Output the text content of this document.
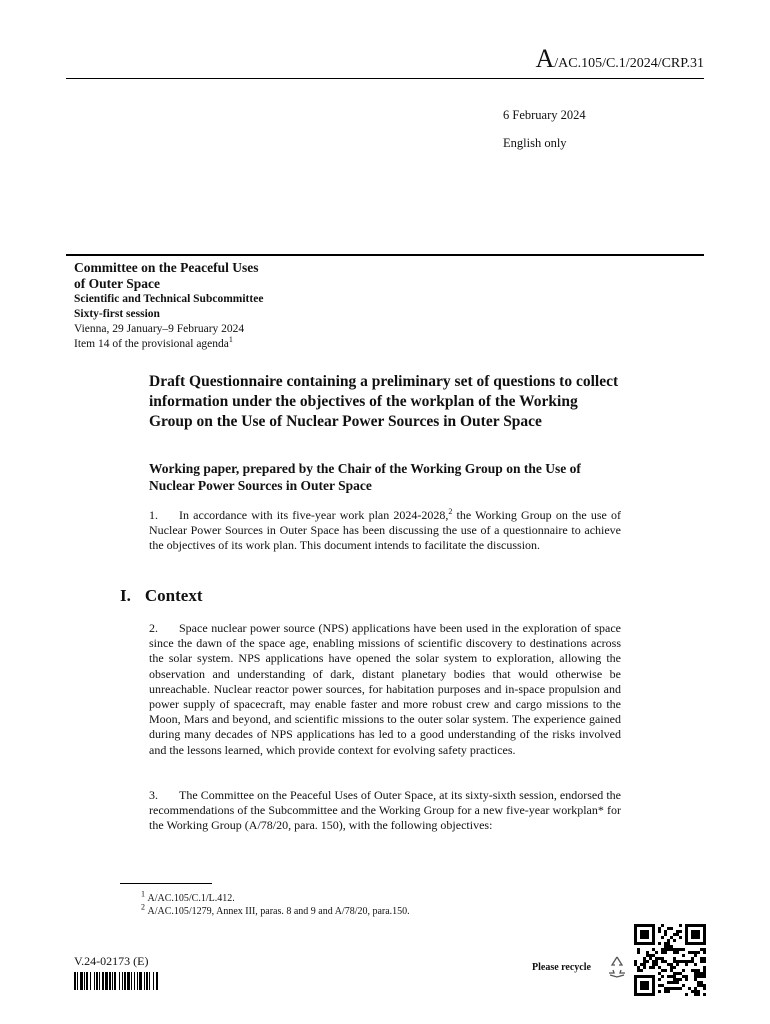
A/AC.105/C.1/2024/CRP.31
6 February 2024
English only
Committee on the Peaceful Uses
of Outer Space
Scientific and Technical Subcommittee
Sixty-first session
Vienna, 29 January–9 February 2024
Item 14 of the provisional agenda$^1$
Draft Questionnaire containing a preliminary set of questions to collect information under the objectives of the workplan of the Working Group on the Use of Nuclear Power Sources in Outer Space
Working paper, prepared by the Chair of the Working Group on the Use of Nuclear Power Sources in Outer Space
1. In accordance with its five-year work plan 2024-2028,$^2$ the Working Group on the use of Nuclear Power Sources in Outer Space has been discussing the use of a questionnaire to achieve the objectives of its work plan. This document intends to facilitate the discussion.
I. Context
2. Space nuclear power source (NPS) applications have been used in the exploration of space since the dawn of the space age, enabling missions of scientific discovery to destinations across the solar system. NPS applications have opened the solar system to exploration, allowing the observation and understanding of dark, distant planetary bodies that would otherwise be unreachable. Nuclear reactor power sources, for habitation purposes and in-space propulsion and power supply of spacecraft, may enable faster and more robust crew and cargo missions to the Moon, Mars and beyond, and scientific missions to the outer solar system. The experience gained during many decades of NPS applications has led to a good understanding of the risks involved and the lessons learned, which provide context for evolving safety practices.
3. The Committee on the Peaceful Uses of Outer Space, at its sixty-sixth session, endorsed the recommendations of the Subcommittee and the Working Group for a new five-year workplan* for the Working Group (A/78/20, para. 150), with the following objectives:
$^1$ A/AC.105/C.1/L.412.
$^2$ A/AC.105/1279, Annex III, paras. 8 and 9 and A/78/20, para.150.
V.24-02173 (E)	Please recycle
